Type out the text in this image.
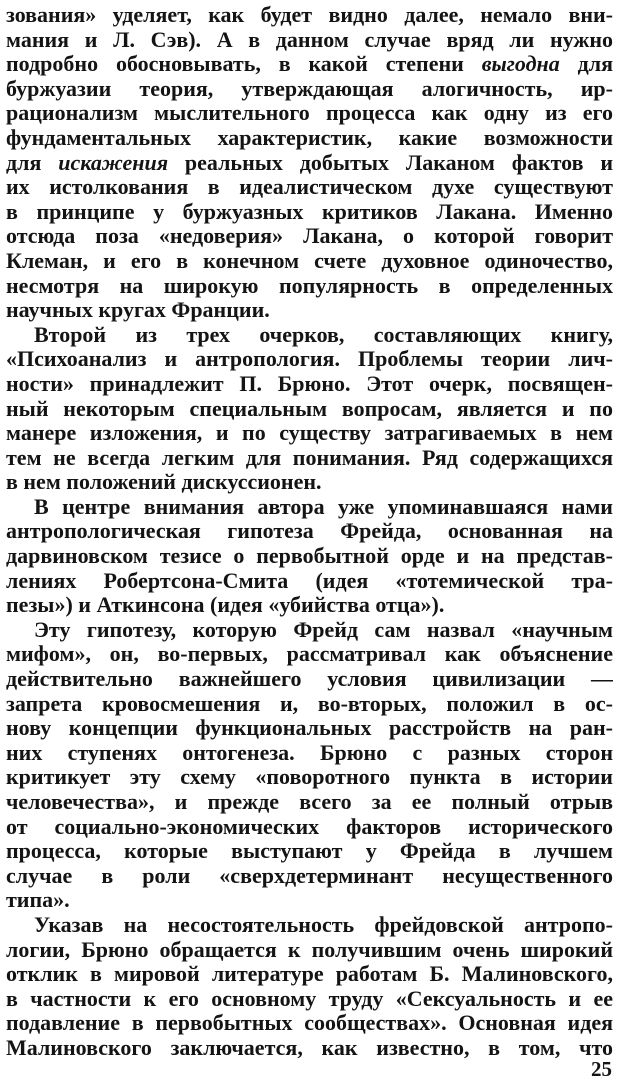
зования» уделяет, как будет видно далее, немало вни-
мания и Л. Сэв). А в данном случае вряд ли нужно
подробно обосновывать, в какой степени выгодна для
буржуазии теория, утверждающая алогичность, ир-
рационализм мыслительного процесса как одну из его
фундаментальных характеристик, какие возможности
для искажения реальных добытых Лаканом фактов и
их истолкования в идеалистическом духе существуют
в принципе у буржуазных критиков Лакана. Именно
отсюда поза «недоверия» Лакана, о которой говорит
Клеман, и его в конечном счете духовное одиночество,
несмотря на широкую популярность в определенных
научных кругах Франции.
Второй из трех очерков, составляющих книгу,
«Психоанализ и антропология. Проблемы теории лич-
ности» принадлежит П. Брюно. Этот очерк, посвящен-
ный некоторым специальным вопросам, является и по
манере изложения, и по существу затрагиваемых в нем
тем не всегда легким для понимания. Ряд содержащихся
в нем положений дискуссионен.
В центре внимания автора уже упоминавшаяся нами
антропологическая гипотеза Фрейда, основанная на
дарвиновском тезисе о первобытной орде и на представ-
лениях Робертсона-Смита (идея «тотемической тра-
пезы») и Аткинсона (идея «убийства отца»).
Эту гипотезу, которую Фрейд сам назвал «научным
мифом», он, во-первых, рассматривал как объяснение
действительно важнейшего условия цивилизации —
запрета кровосмешения и, во-вторых, положил в ос-
нову концепции функциональных расстройств на ран-
них ступенях онтогенеза. Брюно с разных сторон
критикует эту схему «поворотного пункта в истории
человечества», и прежде всего за ее полный отрыв
от социально-экономических факторов исторического
процесса, которые выступают у Фрейда в лучшем
случае в роли «сверхдетерминант несущественного
типа».
Указав на несостоятельность фрейдовской антропо-
логии, Брюно обращается к получившим очень широкий
отклик в мировой литературе работам Б. Малиновского,
в частности к его основному труду «Сексуальность и ее
подавление в первобытных сообществах». Основная идея
Малиновского заключается, как известно, в том, что
25
